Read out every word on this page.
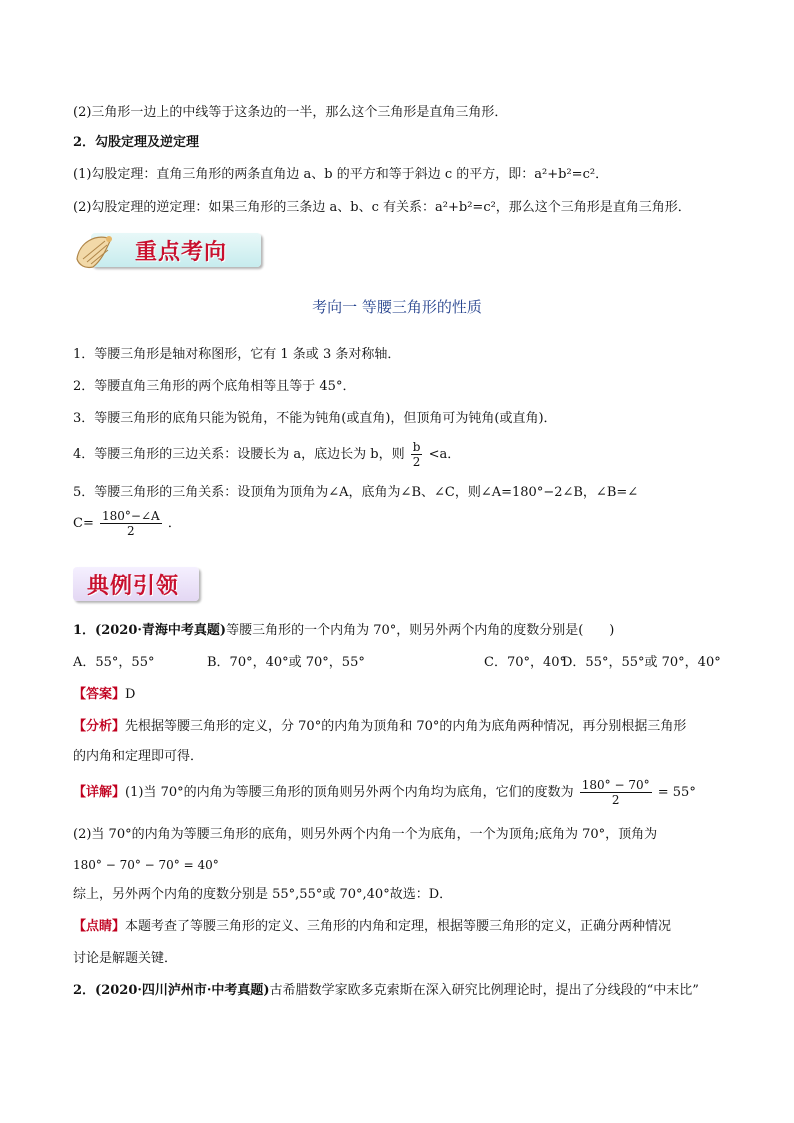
(2)三角形一边上的中线等于这条边的一半，那么这个三角形是直角三角形．
2．勾股定理及逆定理
(1)勾股定理：直角三角形的两条直角边 a、b 的平方和等于斜边 c 的平方，即：a²+b²=c²．
(2)勾股定理的逆定理：如果三角形的三条边 a、b、c 有关系：a²+b²=c²，那么这个三角形是直角三角形．
重点考向
考向一 等腰三角形的性质
1．等腰三角形是轴对称图形，它有 1 条或 3 条对称轴．
2．等腰直角三角形的两个底角相等且等于 45°．
3．等腰三角形的底角只能为锐角，不能为钝角(或直角)，但顶角可为钝角(或直角)．
4．等腰三角形的三边关系：设腰长为 a，底边长为 b，则 $\frac{b}{2} <a$．
5．等腰三角形的三角关系：设顶角为顶角为∠A，底角为∠B、∠C，则∠A=180°−2∠B，∠B=∠
$C= \frac{180^\circ-\angle A}{2}$ ．
典例引领
1．(2020·青海中考真题)等腰三角形的一个内角为 70°，则另外两个内角的度数分别是(　　)
A．55°，55°	B．70°，40°或 70°，55°	C．70°，40°
D．55°，55°或 70°，40°
【答案】D
【分析】先根据等腰三角形的定义，分 70°的内角为顶角和 70°的内角为底角两种情况，再分别根据三角形
的内角和定理即可得．
【详解】(1)当 70°的内角为等腰三角形的顶角则另外两个内角均为底角，它们的度数为 $\frac{180^\circ - 70^\circ}{2} = 55^\circ$
(2)当 70°的内角为等腰三角形的底角，则另外两个内角一个为底角，一个为顶角;底角为 70°，顶角为
180° − 70° − 70° = 40°
综上，另外两个内角的度数分别是 55°,55°或 70°,40°故选：D．
【点睛】本题考查了等腰三角形的定义、三角形的内角和定理，根据等腰三角形的定义，正确分两种情况
讨论是解题关键．
2．(2020·四川泸州市·中考真题)古希腊数学家欧多克索斯在深入研究比例理论时，提出了分线段的“中末比”
